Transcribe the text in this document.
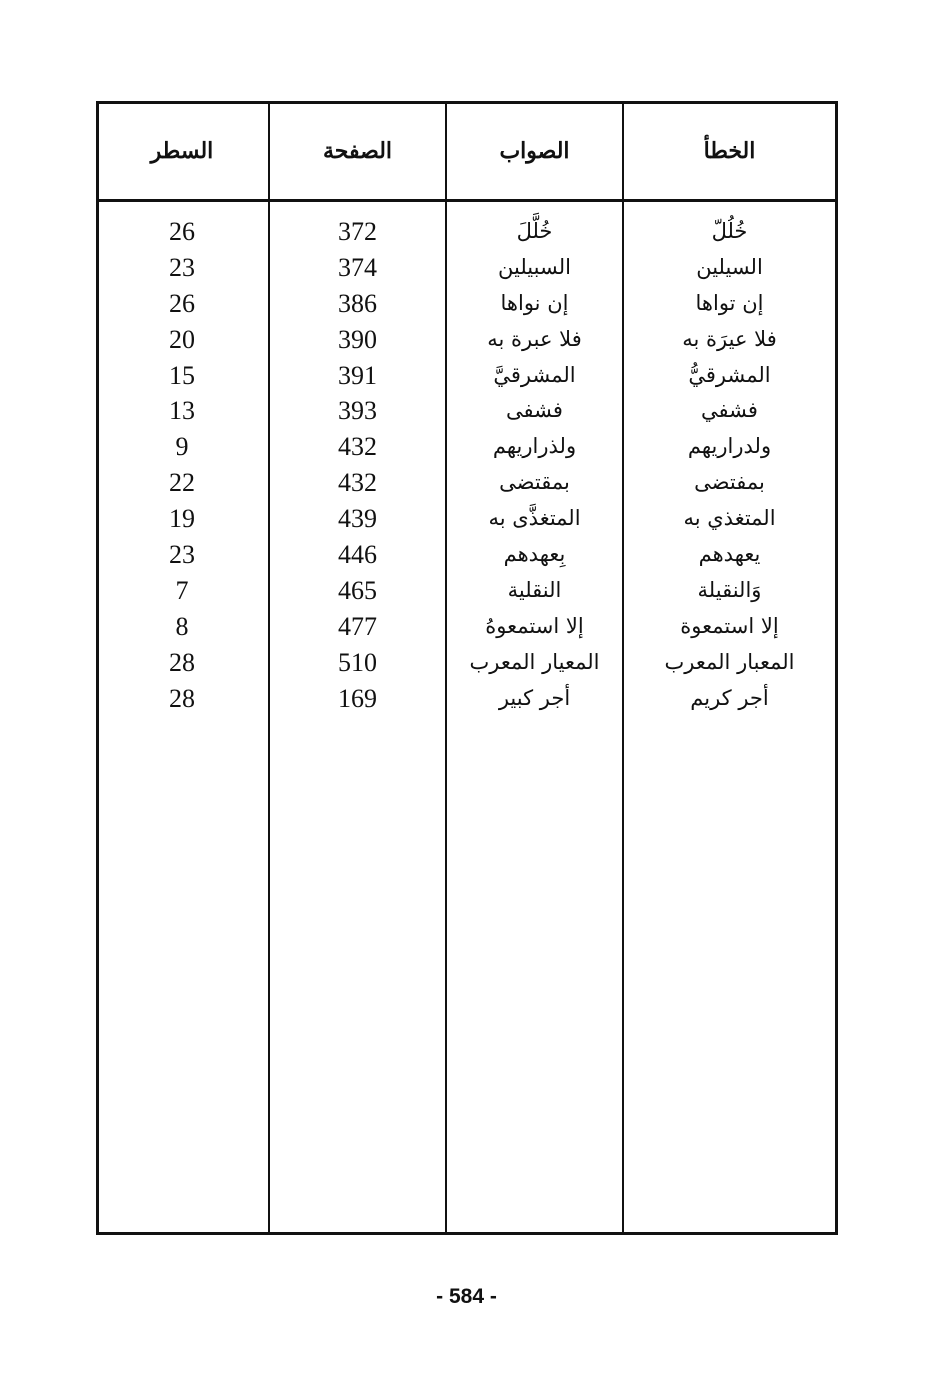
الخطأ
الصواب
الصفحة
السطر
خُلُلّ
خُلَّلَ
372
26
السيلين
السبيلين
374
23
إن تواها
إن نواها
386
26
فلا عيرَة به
فلا عبرة به
390
20
المشرقيُّ
المشرقيَّ
391
15
فشفي
فشفى
393
13
ولدراريهم
ولذراريهم
432
9
بمفتضى
بمقتضى
432
22
المتغذي به
المتغذَّى به
439
19
يعهدهم
بِعهدهم
446
23
وَالنقيلة
النقلية
465
7
إلا استمعوة
إلا استمعوهُ
477
8
المعبار المعرب
المعيار المعرب
510
28
أجر كريم
أجر كبير
169
28
- 584 -
